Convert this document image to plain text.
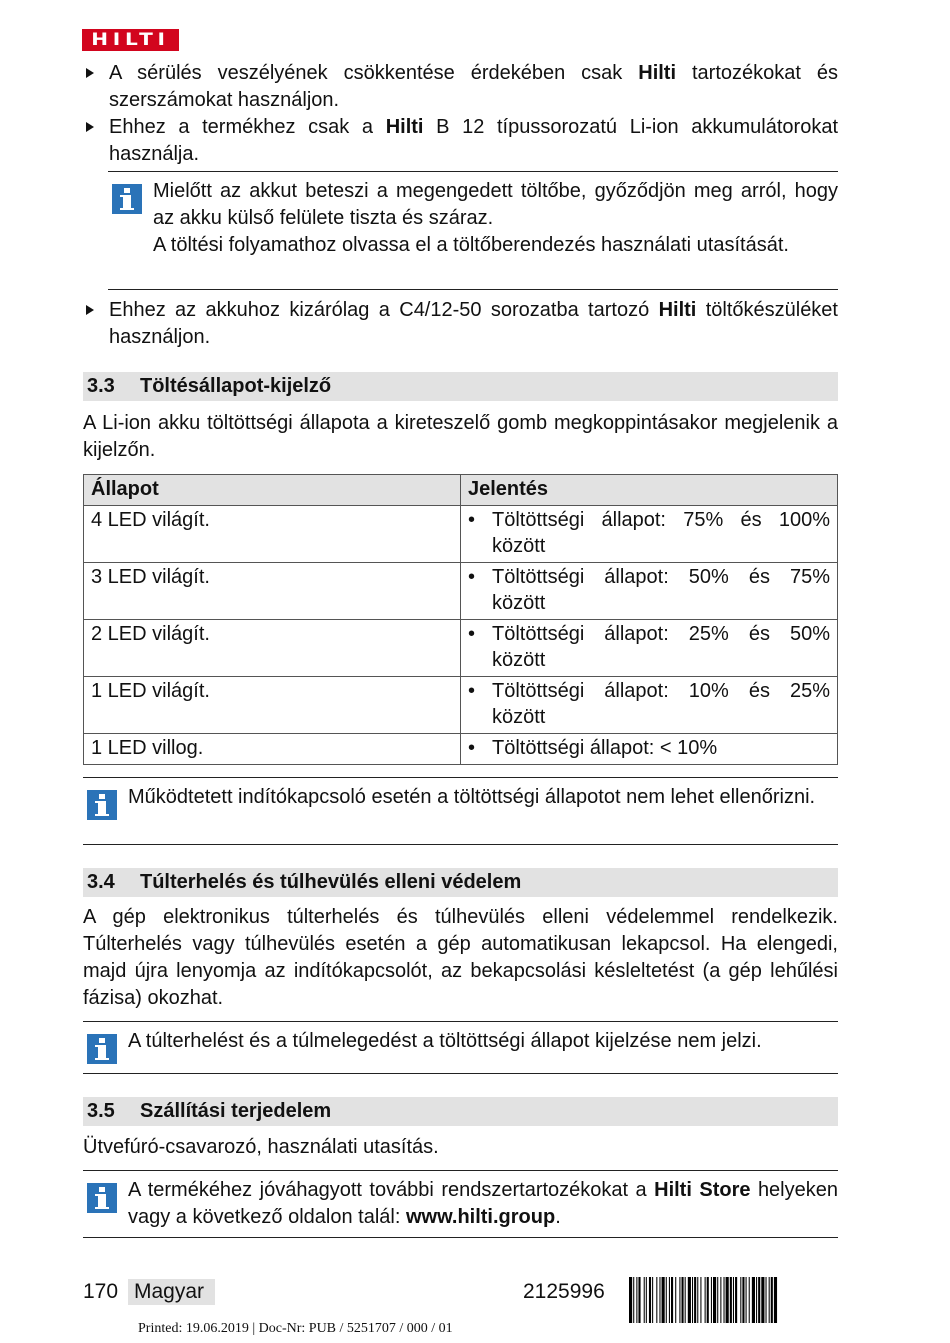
HILTI
A sérülés veszélyének csökkentése érdekében csak Hilti tartozékokat és szerszámokat használjon.
Ehhez a termékhez csak a Hilti B 12 típussorozatú Li-ion akkumulátorokat használja.

Mielőtt az akkut beteszi a megengedett töltőbe, győződjön meg arról, hogy az akku külső felülete tiszta és száraz.

A töltési folyamathoz olvassa el a töltőberendezés használati utasítását.

Ehhez az akkuhoz kizárólag a C4/12-50 sorozatba tartozó Hilti töltőkészüléket használjon.
3.3 Töltésállapot-kijelző

A Li-ion akku töltöttségi állapota a kireteszelő gomb megkoppintásakor megjelenik a kijelzőn.

Állapot	Jelentés
4 LED világít.	• Töltöttségi állapot: 75% és 100% között

3 LED világít.	• Töltöttségi állapot: 50% és 75% között

2 LED világít.	• Töltöttségi állapot: 25% és 50% között

1 LED világít.	• Töltöttségi állapot: 10% és 25% között

1 LED villog.	• Töltöttségi állapot: < 10%

Működtetett indítókapcsoló esetén a töltöttségi állapotot nem lehet ellenőrizni.

3.4 Túlterhelés és túlhevülés elleni védelem

A gép elektronikus túlterhelés és túlhevülés elleni védelemmel rendelkezik. Túlterhelés vagy túlhevülés esetén a gép automatikusan lekapcsol. Ha elengedi, majd újra lenyomja az indítókapcsolót, az bekapcsolási késleltetést (a gép lehűlési fázisa) okozhat.

A túlterhelést és a túlmelegedést a töltöttségi állapot kijelzése nem jelzi.

3.5 Szállítási terjedelem

Ütvefúró-csavarozó, használati utasítás.

A termékéhez jóváhagyott további rendszertartozékokat a Hilti Store helyeken vagy a következő oldalon talál: www.hilti.group.

170 Magyar	2125996
Printed: 19.06.2019 | Doc-Nr: PUB / 5251707 / 000 / 01
